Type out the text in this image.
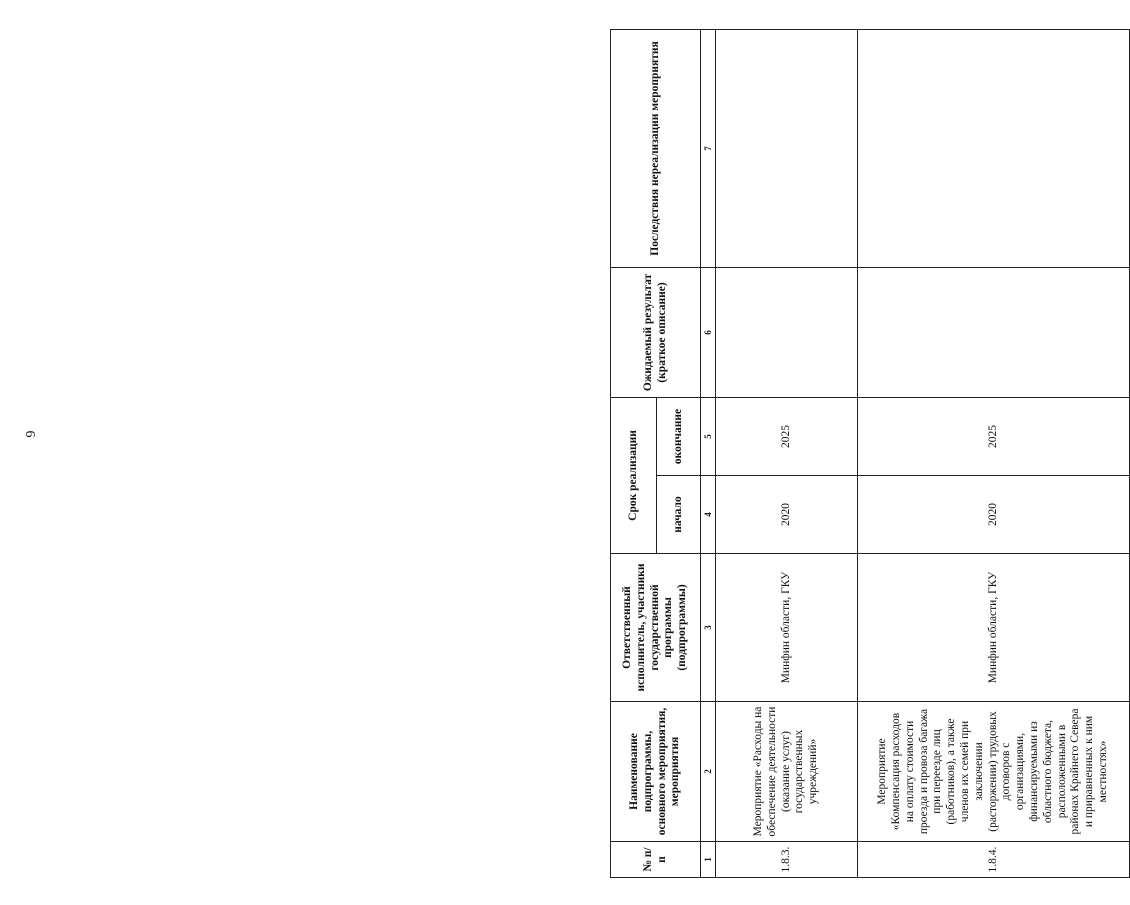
6
№ п/п	Наименование подпрограммы, основного мероприятия, мероприятия	Ответственный исполнитель, участники государственной программы (подпрограммы)	Срок реализации		Ожидаемый результат (краткое описание)	Последствия нереализации мероприятия
			начало	окончание		
1	2	3	4	5	6	7
1.8.3.	Мероприятие «Расходы на обеспечение деятельности (оказание услуг) государственных учреждений»	Минфин области, ГКУ	2020	2025		
1.8.4.	Мероприятие «Компенсация расходов на оплату стоимости проезда и провоза багажа при переезде лиц (работников), а также членов их семей при заключении (расторжении) трудовых договоров с организациями, финансируемыми из областного бюджета, расположенными в районах Крайнего Севера и приравненных к ним местностях»	Минфин области, ГКУ	2020	2025		
